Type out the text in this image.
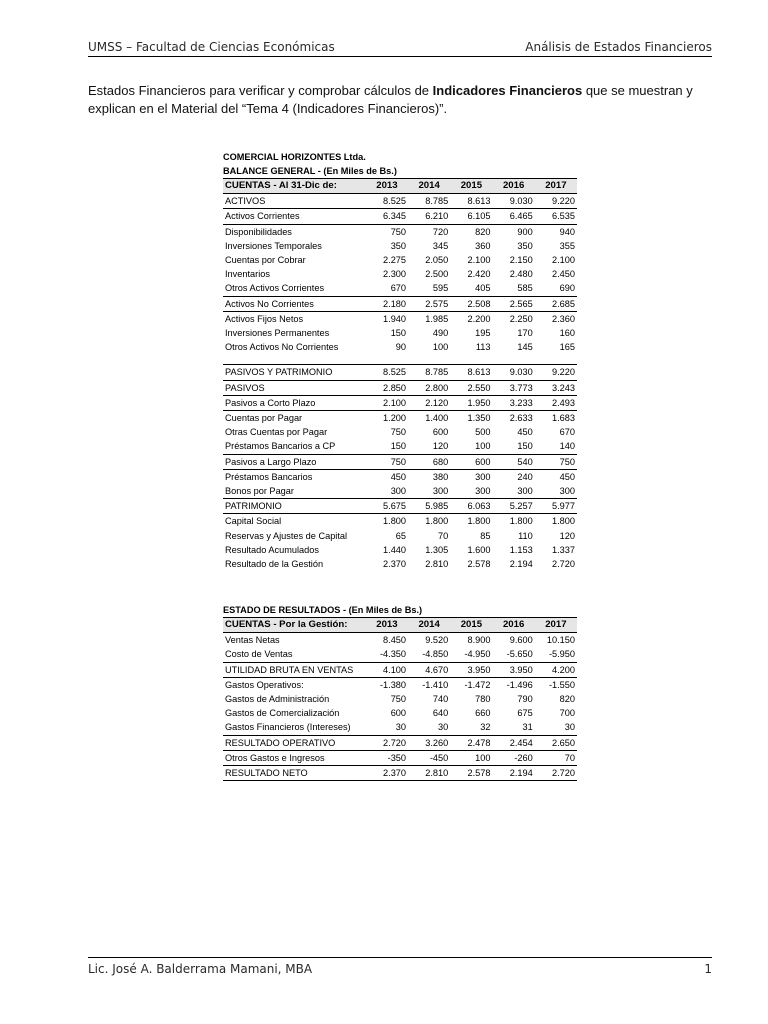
UMSS – Facultad de Ciencias Económicas	Análisis de Estados Financieros

Estados Financieros para verificar y comprobar cálculos de Indicadores Financieros que se muestran y explican en el Material del “Tema 4 (Indicadores Financieros)”.

COMERCIAL HORIZONTES Ltda.
BALANCE GENERAL - (En Miles de Bs.)
CUENTAS - Al 31-Dic de:	2013	2014	2015	2016	2017
ACTIVOS	8.525	8.785	8.613	9.030	9.220
Activos Corrientes	6.345	6.210	6.105	6.465	6.535
Disponibilidades	750	720	820	900	940
Inversiones Temporales	350	345	360	350	355
Cuentas por Cobrar	2.275	2.050	2.100	2.150	2.100
Inventarios	2.300	2.500	2.420	2.480	2.450
Otros Activos Corrientes	670	595	405	585	690
Activos No Corrientes	2.180	2.575	2.508	2.565	2.685
Activos Fijos Netos	1.940	1.985	2.200	2.250	2.360
Inversiones Permanentes	150	490	195	170	160
Otros Activos No Corrientes	90	100	113	145	165

PASIVOS Y PATRIMONIO	8.525	8.785	8.613	9.030	9.220
PASIVOS	2.850	2.800	2.550	3.773	3.243
Pasivos a Corto Plazo	2.100	2.120	1.950	3.233	2.493
Cuentas por Pagar	1.200	1.400	1.350	2.633	1.683
Otras Cuentas por Pagar	750	600	500	450	670
Préstamos Bancarios a CP	150	120	100	150	140
Pasivos a Largo Plazo	750	680	600	540	750
Préstamos Bancarios	450	380	300	240	450
Bonos por Pagar	300	300	300	300	300
PATRIMONIO	5.675	5.985	6.063	5.257	5.977
Capital Social	1.800	1.800	1.800	1.800	1.800
Reservas y Ajustes de Capital	65	70	85	110	120
Resultado Acumulados	1.440	1.305	1.600	1.153	1.337
Resultado de la Gestión	2.370	2.810	2.578	2.194	2.720
ESTADO DE RESULTADOS - (En Miles de Bs.)
CUENTAS - Por la Gestión:	2013	2014	2015	2016	2017
Ventas Netas	8.450	9.520	8.900	9.600	10.150
Costo de Ventas	-4.350	-4.850	-4.950	-5.650	-5.950
UTILIDAD BRUTA EN VENTAS	4.100	4.670	3.950	3.950	4.200
Gastos Operativos:	-1.380	-1.410	-1.472	-1.496	-1.550
Gastos de Administración	750	740	780	790	820
Gastos de Comercialización	600	640	660	675	700
Gastos Financieros (Intereses)	30	30	32	31	30
RESULTADO OPERATIVO	2.720	3.260	2.478	2.454	2.650
Otros Gastos e Ingresos	-350	-450	100	-260	70
RESULTADO NETO	2.370	2.810	2.578	2.194	2.720
Lic. José A. Balderrama Mamani, MBA	1
